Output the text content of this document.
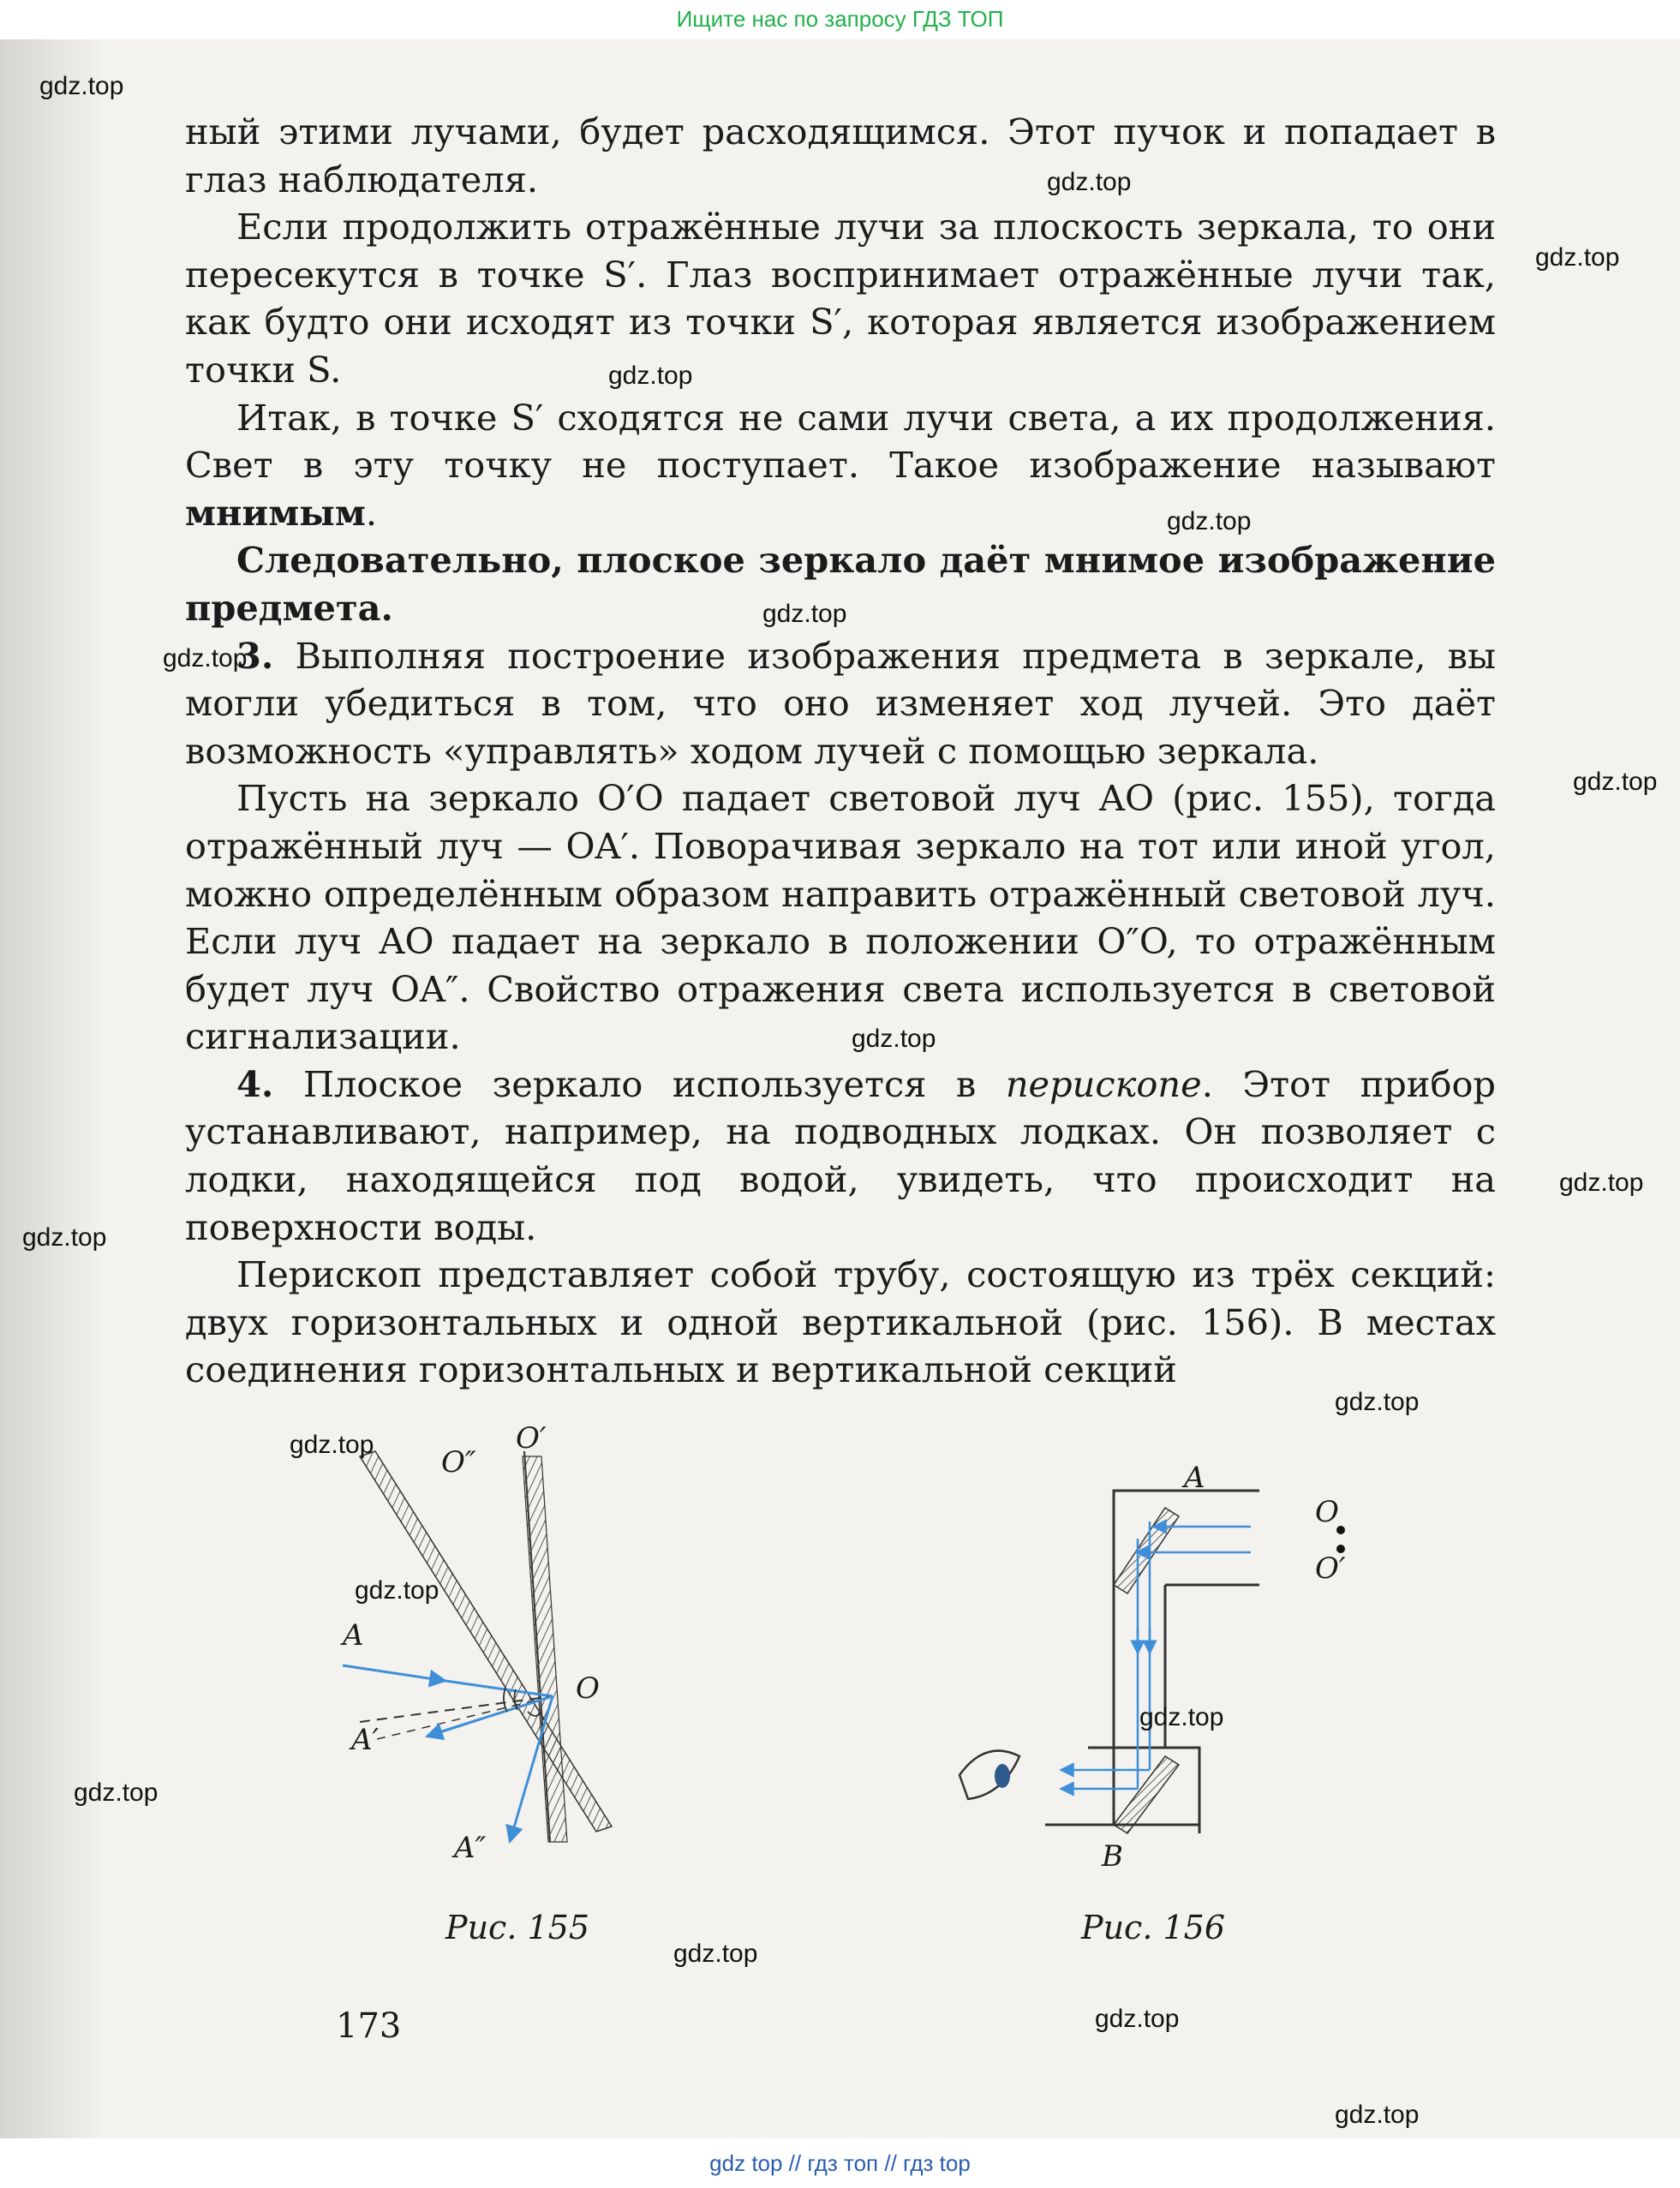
Ищите нас по запросу ГДЗ ТОП

ный этими лучами, будет расходящимся. Этот пучок и попадает в глаз наблюдателя.

Если продолжить отражённые лучи за плоскость зеркала, то они пересекутся в точке S′. Глаз воспринимает отражённые лучи так, как будто они исходят из точки S′, которая является изображением точки S.

Итак, в точке S′ сходятся не сами лучи света, а их продолжения. Свет в эту точку не поступает. Такое изображение называют мнимым.

Следовательно, плоское зеркало даёт мнимое изображение предмета.

3. Выполняя построение изображения предмета в зеркале, вы могли убедиться в том, что оно изменяет ход лучей. Это даёт возможность «управлять» ходом лучей с помощью зеркала.

Пусть на зеркало O′O падает световой луч AO (рис. 155), тогда отражённый луч — OA′. Поворачивая зеркало на тот или иной угол, можно определённым образом направить отражённый световой луч. Если луч AO падает на зеркало в положении O″O, то отражённым будет луч OA″. Свойство отражения света используется в световой сигнализации.

4. Плоское зеркало используется в перископе. Этот прибор устанавливают, например, на подводных лодках. Он позволяет с лодки, находящейся под водой, увидеть, что происходит на поверхности воды.

Перископ представляет собой трубу, состоящую из трёх секций: двух горизонтальных и одной вертикальной (рис. 156). В местах соединения горизонтальных и вертикальной секций

O″
O′
A
O
A′
A″
Рис. 155
A
O
O′
B
Рис. 156
173
gdz.top
gdz.top
gdz.top
gdz.top
gdz.top
gdz.top
gdz.top
gdz.top
gdz.top
gdz.top
gdz.top
gdz.top
gdz.top
gdz.top
gdz.top
gdz.top
gdz.top
gdz.top
gdz.top
gdz top // гдз топ // гдз top
